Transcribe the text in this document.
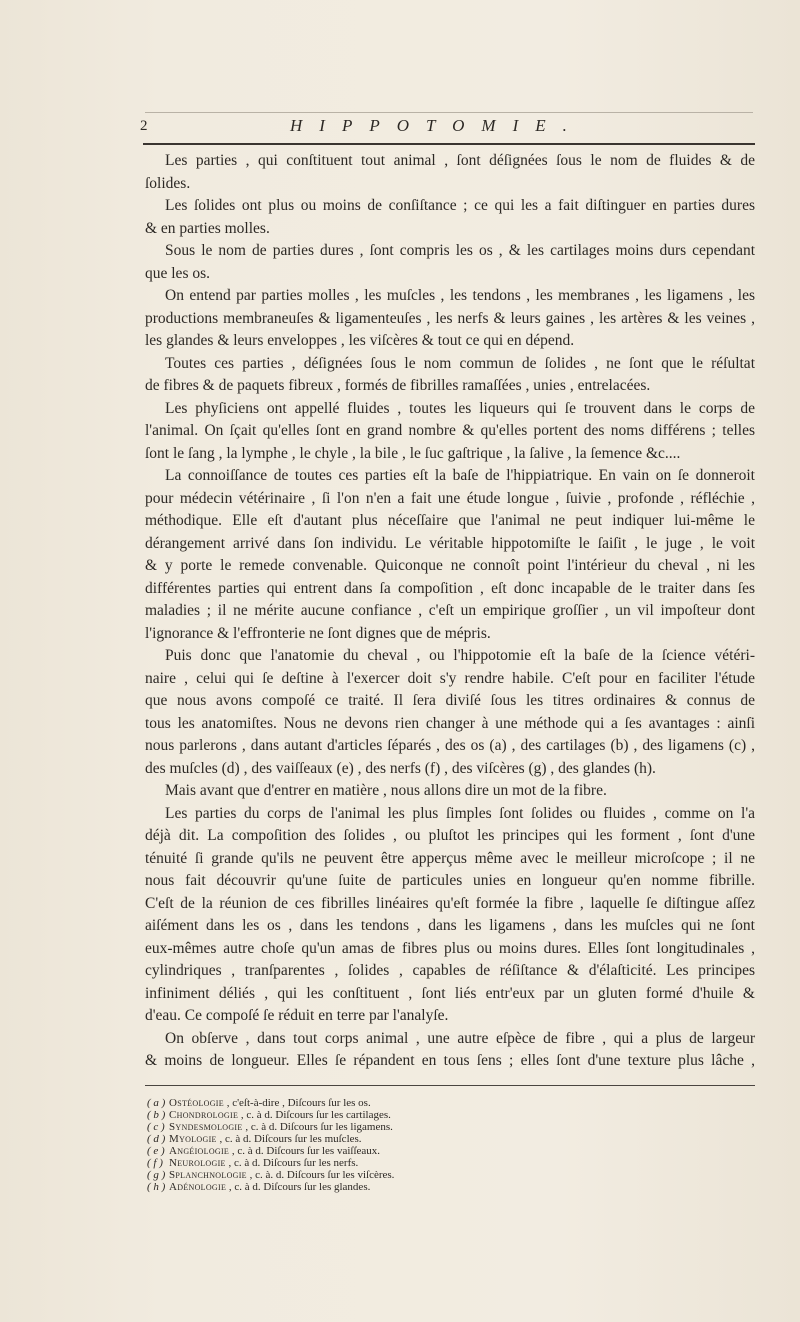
2	HIPPOTOMIE.
Les parties , qui conſtituent tout animal , ſont déſignées ſous le nom de fluides & de
ſolides.
Les ſolides ont plus ou moins de conſiſtance ; ce qui les a fait diſtinguer en parties dures
& en parties molles.
Sous le nom de parties dures , ſont compris les os , & les cartilages moins durs cependant
que les os.
On entend par parties molles , les muſcles , les tendons , les membranes , les ligamens , les
productions membraneuſes & ligamenteuſes , les nerfs & leurs gaines , les artères & les veines ,
les glandes & leurs enveloppes , les viſcères & tout ce qui en dépend.
Toutes ces parties , déſignées ſous le nom commun de ſolides , ne ſont que le réſultat
de fibres & de paquets fibreux , formés de fibrilles ramaſſées , unies , entrelacées.
Les phyſiciens ont appellé fluides , toutes les liqueurs qui ſe trouvent dans le corps de
l'animal. On ſçait qu'elles ſont en grand nombre & qu'elles portent des noms différens ; telles
ſont le ſang , la lymphe , le chyle , la bile , le ſuc gaſtrique , la ſalive , la ſemence &c....
La connoiſſance de toutes ces parties eſt la baſe de l'hippiatrique. En vain on ſe donneroit
pour médecin vétérinaire , ſi l'on n'en a fait une étude longue , ſuivie , profonde , réfléchie ,
méthodique. Elle eſt d'autant plus néceſſaire que l'animal ne peut indiquer lui-même le
dérangement arrivé dans ſon individu. Le véritable hippotomiſte le ſaiſit , le juge , le voit
& y porte le remede convenable. Quiconque ne connoît point l'intérieur du cheval , ni les
différentes parties qui entrent dans ſa compoſition , eſt donc incapable de le traiter dans ſes
maladies ; il ne mérite aucune confiance , c'eſt un empirique groſſier , un vil impoſteur dont
l'ignorance & l'effronterie ne ſont dignes que de mépris.
Puis donc que l'anatomie du cheval , ou l'hippotomie eſt la baſe de la ſcience vétéri-
naire , celui qui ſe deſtine à l'exercer doit s'y rendre habile. C'eſt pour en faciliter l'étude
que nous avons compoſé ce traité. Il ſera diviſé ſous les titres ordinaires & connus de
tous les anatomiſtes. Nous ne devons rien changer à une méthode qui a ſes avantages : ainſi
nous parlerons , dans autant d'articles ſéparés , des os (a) , des cartilages (b) , des ligamens (c) ,
des muſcles (d) , des vaiſſeaux (e) , des nerfs (f) , des viſcères (g) , des glandes (h).
Mais avant que d'entrer en matière , nous allons dire un mot de la fibre.
Les parties du corps de l'animal les plus ſimples ſont ſolides ou fluides , comme on l'a
déjà dit. La compoſition des ſolides , ou pluſtot les principes qui les forment , ſont d'une
ténuité ſi grande qu'ils ne peuvent être apperçus même avec le meilleur microſcope ; il ne
nous fait découvrir qu'une ſuite de particules unies en longueur qu'en nomme fibrille.
C'eſt de la réunion de ces fibrilles linéaires qu'eſt formée la fibre , laquelle ſe diſtingue aſſez
aiſément dans les os , dans les tendons , dans les ligamens , dans les muſcles qui ne ſont
eux-mêmes autre choſe qu'un amas de fibres plus ou moins dures. Elles ſont longitudinales ,
cylindriques , tranſparentes , ſolides , capables de réſiſtance & d'élaſticité. Les principes
infiniment déliés , qui les conſtituent , ſont liés entr'eux par un gluten formé d'huile &
d'eau. Ce compoſé ſe réduit en terre par l'analyſe.
On obſerve , dans tout corps animal , une autre eſpèce de fibre , qui a plus de largeur
& moins de longueur. Elles ſe répandent en tous ſens ; elles ſont d'une texture plus lâche ,
( a ) Ostéologie , c'eſt-à-dire , Diſcours ſur les os.
( b ) Chondrologie , c. à d. Diſcours ſur les cartilages.
( c ) Syndesmologie , c. à d. Diſcours ſur les ligamens.
( d ) Myologie , c. à d. Diſcours ſur les muſcles.
( e ) Angéiologie , c. à d. Diſcours ſur les vaiſſeaux.
( f ) Neurologie , c. à d. Diſcours ſur les nerfs.
( g ) Splanchnologie , c. à. d. Diſcours ſur les viſcères.
( h ) Adénologie , c. à d. Diſcours ſur les glandes.
